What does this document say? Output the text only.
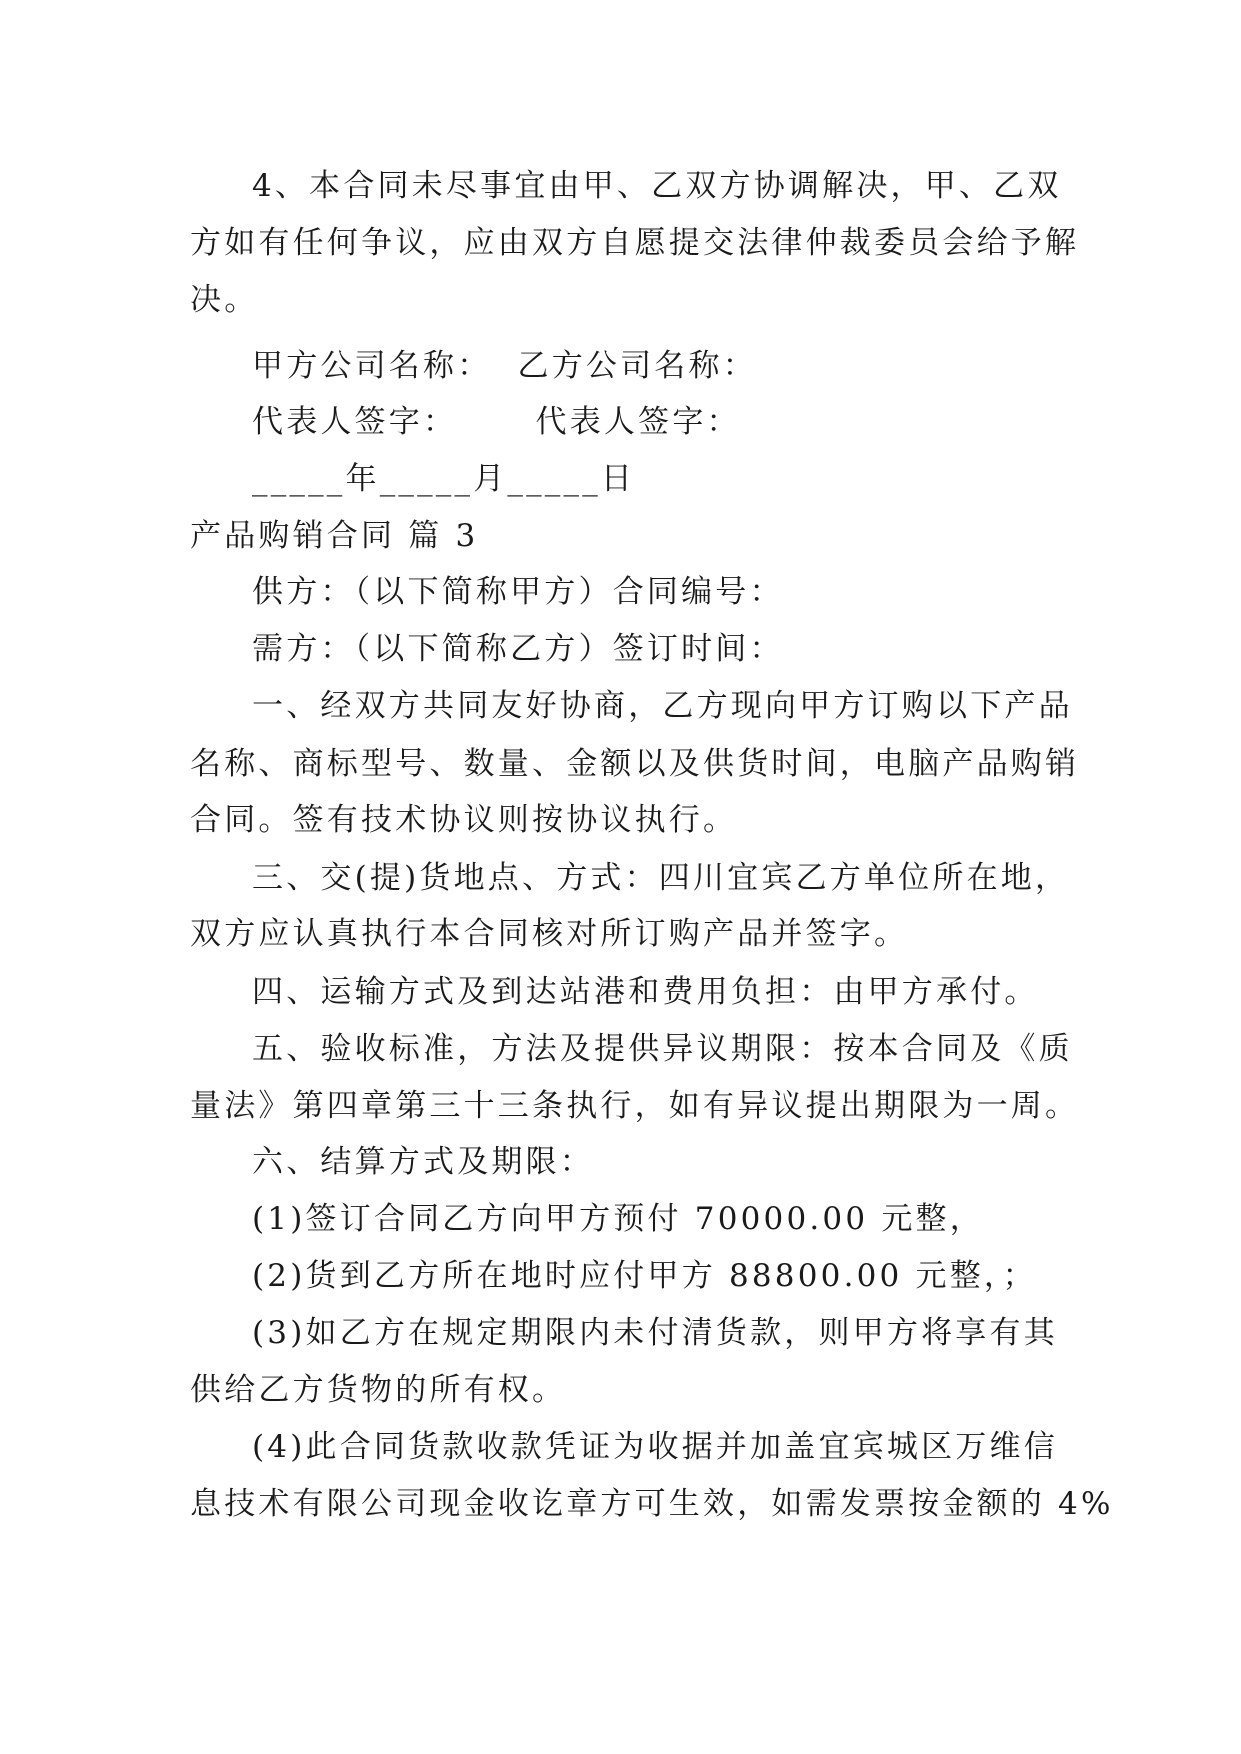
4、本合同未尽事宜由甲、乙双方协调解决，甲、乙双

方如有任何争议，应由双方自愿提交法律仲裁委员会给予解

决。

甲方公司名称：  乙方公司名称：

代表人签字：      代表人签字：

_____年_____月_____日

产品购销合同 篇 3

供方：（以下简称甲方）合同编号：

需方：（以下简称乙方）签订时间：

一、经双方共同友好协商，乙方现向甲方订购以下产品

名称、商标型号、数量、金额以及供货时间，电脑产品购销

合同。签有技术协议则按协议执行。

三、交(提)货地点、方式：四川宜宾乙方单位所在地，

双方应认真执行本合同核对所订购产品并签字。

四、运输方式及到达站港和费用负担：由甲方承付。

五、验收标准，方法及提供异议期限：按本合同及《质

量法》第四章第三十三条执行，如有异议提出期限为一周。

六、结算方式及期限：

(1)签订合同乙方向甲方预付 70000.00 元整，

(2)货到乙方所在地时应付甲方 88800.00 元整，；

(3)如乙方在规定期限内未付清货款，则甲方将享有其

供给乙方货物的所有权。

(4)此合同货款收款凭证为收据并加盖宜宾城区万维信

息技术有限公司现金收讫章方可生效，如需发票按金额的 4%
